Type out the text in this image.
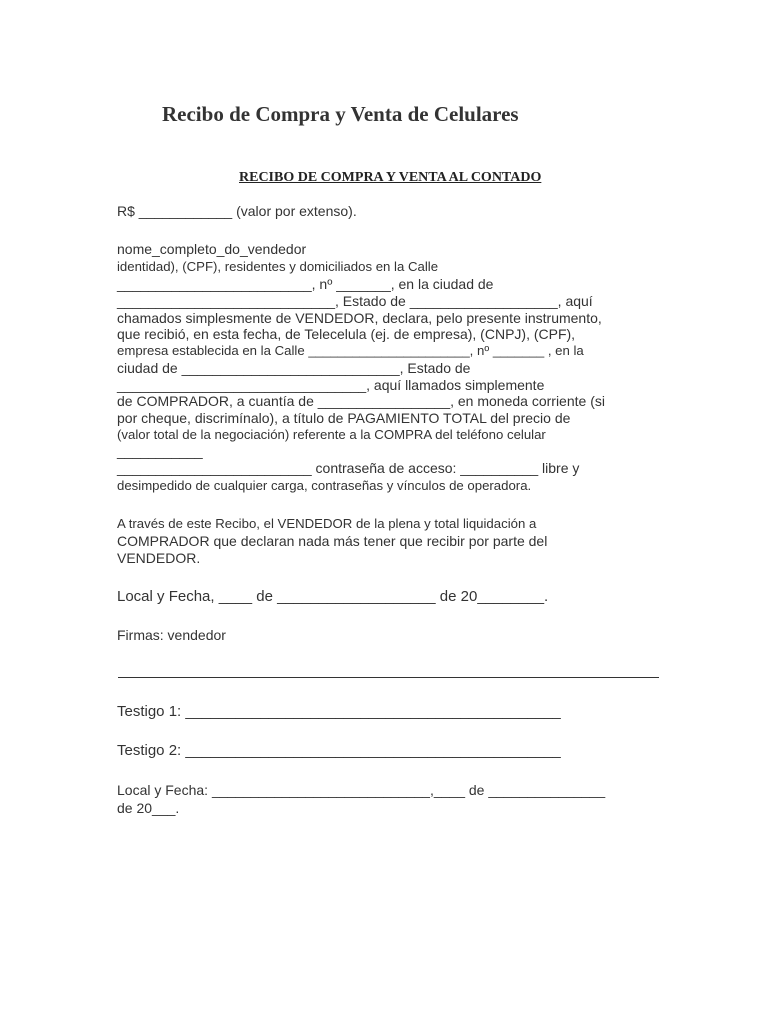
Recibo de Compra y Venta de Celulares
RECIBO DE COMPRA Y VENTA AL CONTADO
R$ ____________ (valor por extenso).
nome_completo_do_vendedor
identidad), (CPF), residentes y domiciliados en la Calle
_________________________, nº _______, en la ciudad de
____________________________, Estado de ___________________, aquí
chamados simplesmente de VENDEDOR, declara, pelo presente instrumento,
que recibió, en esta fecha, de Telecelula (ej. de empresa), (CNPJ), (CPF),
empresa establecida en la Calle ______________________, nº _______ , en la
ciudad de ____________________________, Estado de
________________________________, aquí llamados simplemente
de COMPRADOR, a cuantía de _________________, en moneda corriente (si
por cheque, discrimínalo), a título de PAGAMIENTO TOTAL del precio de
(valor total de la negociación) referente a la COMPRA del teléfono celular
___________
_________________________ contraseña de acceso: __________ libre y
desimpedido de cualquier carga, contraseñas y vínculos de operadora.
A través de este Recibo, el VENDEDOR de la plena y total liquidación a
COMPRADOR que declaran nada más tener que recibir por parte del
VENDEDOR.
Local y Fecha, ____ de ___________________ de 20________.
Firmas: vendedor
Testigo 1: _____________________________________________
Testigo 2: _____________________________________________
Local y Fecha: ____________________________,____ de _______________
de 20___.
